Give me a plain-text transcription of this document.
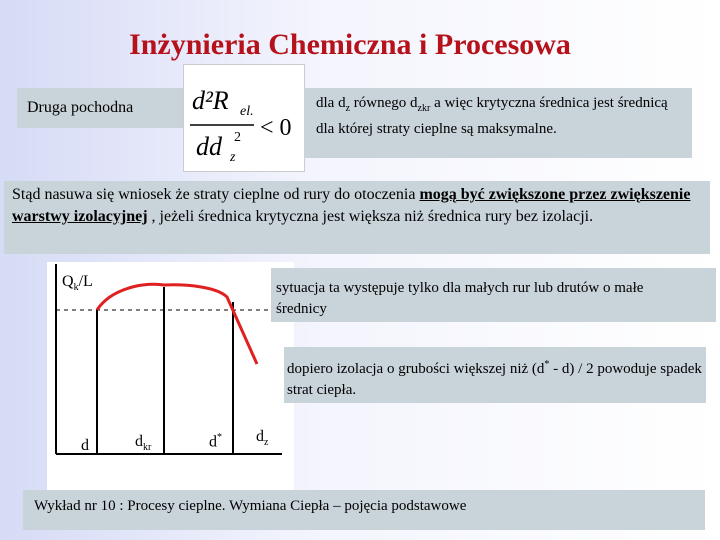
Inżynieria Chemiczna i Procesowa
Druga pochodna d²R el.
dd z
2 < 0
dla $d_z$ równego $d_{zkr}$ a więc krytyczna średnica jest średnicą dla której straty cieplne są maksymalne.
Stąd nasuwa się wniosek że straty cieplne od rury do otoczenia mogą być zwiększone przez zwiększenie warstwy izolacyjnej , jeżeli średnica krytyczna jest większa niż średnica rury bez izolacji.
$Q_k/L$
d	$d_{kr}$	d* $d_z$
sytuacja ta występuje tylko dla małych rur lub drutów o małe średnicy
dopiero izolacja o grubości większej niż (d* - d) / 2 powoduje spadek strat ciepła.
Wykład nr 10 : Procesy cieplne. Wymiana Ciepła – pojęcia podstawowe
